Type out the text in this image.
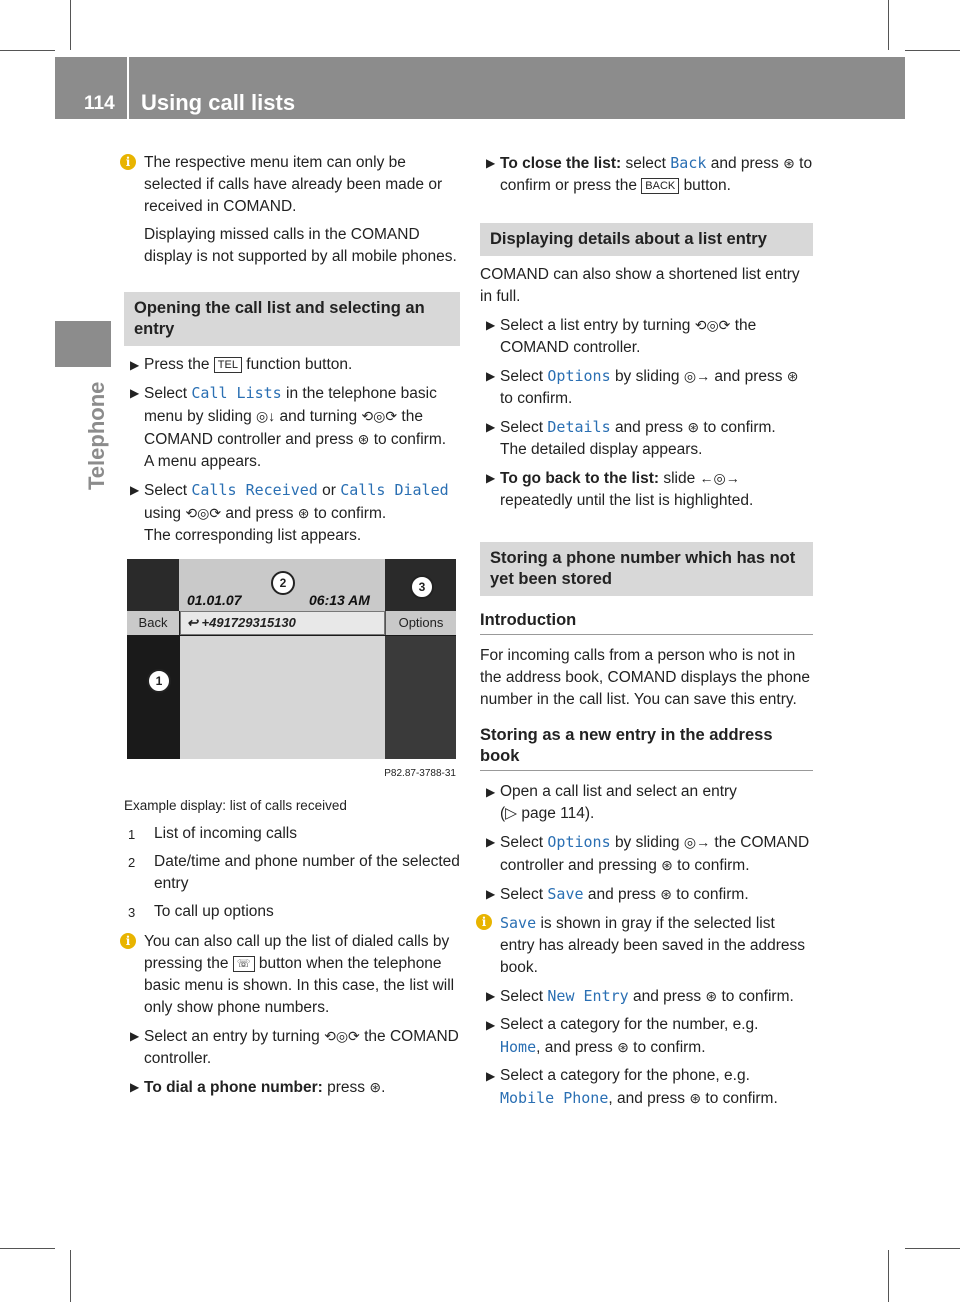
114 Using call lists
Telephone

i The respective menu item can only be selected if calls have already been made or received in COMAND.

Displaying missed calls in the COMAND display is not supported by all mobile phones.

Opening the call list and selecting an entry
▶ Press the TEL function button.
▶ Select Call Lists in the telephone basic menu by sliding ◎↓ and turning ⟲◎⟳ the COMAND controller and press ⊛ to confirm.
A menu appears.
▶ Select Calls Received or Calls Dialed using ⟲◎⟳ and press ⊛ to confirm.
The corresponding list appears.
01.01.07	06:13 AM
Back	↩ +491729315130	Options
1
2	3
P82.87-3788-31
Example display: list of calls received
1 List of incoming calls
2 Date/time and phone number of the selected entry
3 To call up options

i You can also call up the list of dialed calls by pressing the ☏ button when the telephone basic menu is shown. In this case, the list will only show phone numbers.

▶ Select an entry by turning ⟲◎⟳ the COMAND controller.
▶ To dial a phone number: press ⊛.
▶ To close the list: select Back and press ⊛ to confirm or press the BACK button.
Displaying details about a list entry

COMAND can also show a shortened list entry in full.

▶ Select a list entry by turning ⟲◎⟳ the COMAND controller.
▶ Select Options by sliding ◎→ and press ⊛ to confirm.
▶ Select Details and press ⊛ to confirm.
The detailed display appears.
▶ To go back to the list: slide ←◎→ repeatedly until the list is highlighted.
Storing a phone number which has not yet been stored
Introduction

For incoming calls from a person who is not in the address book, COMAND displays the phone number in the call list. You can save this entry.

Storing as a new entry in the address book
▶ Open a call list and select an entry
(▷ page 114).
▶ Select Options by sliding ◎→ the COMAND controller and pressing ⊛ to confirm.
▶ Select Save and press ⊛ to confirm.

i Save is shown in gray if the selected list entry has already been saved in the address book.

▶ Select New Entry and press ⊛ to confirm.
▶ Select a category for the number, e.g.
Home, and press ⊛ to confirm.
▶ Select a category for the phone, e.g.
Mobile Phone, and press ⊛ to confirm.
